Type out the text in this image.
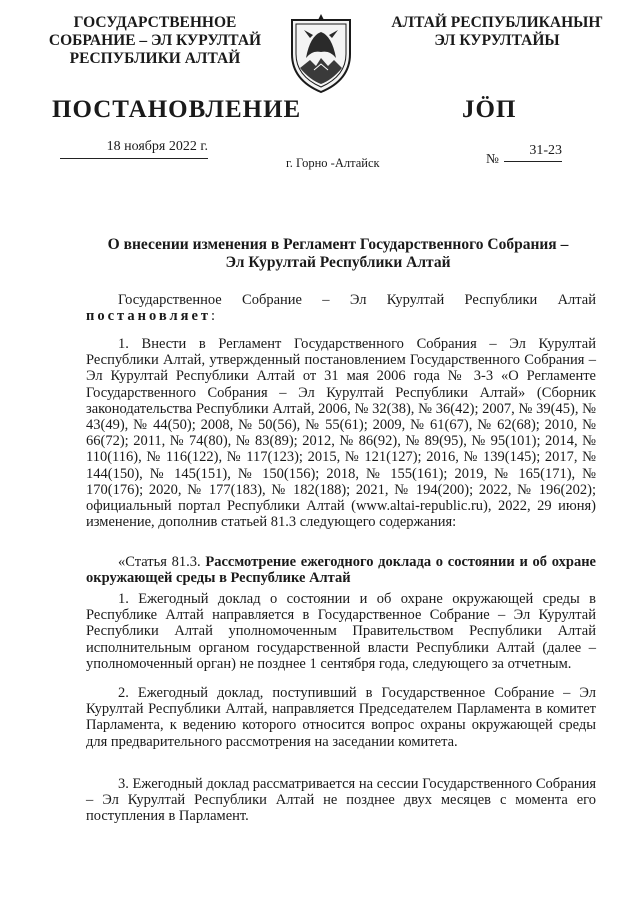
ГОСУДАРСТВЕННОЕ
СОБРАНИЕ – ЭЛ КУРУЛТАЙ
РЕСПУБЛИКИ АЛТАЙ
АЛТАЙ РЕСПУБЛИКАНЫҤ
ЭЛ КУРУЛТАЙЫ
ПОСТАНОВЛЕНИЕ	JӦП
18 ноября 2022 г.
г. Горно -Алтайск	№
31-23
О внесении изменения в Регламент Государственного Собрания –
Эл Курултай Республики Алтай

Государственное Собрание – Эл Курултай Республики Алтай постановляет:

1. Внести в Регламент Государственного Собрания – Эл Курултай Республики Алтай, утвержденный постановлением Государственного Собрания – Эл Курултай Республики Алтай от 31 мая 2006 года № 3-3 «О Регламенте Государственного Собрания – Эл Курултай Республики Алтай» (Сборник законодательства Республики Алтай, 2006, № 32(38), № 36(42); 2007, № 39(45), № 43(49), № 44(50); 2008, № 50(56), № 55(61); 2009, № 61(67), № 62(68); 2010, № 66(72); 2011, № 74(80), № 83(89); 2012, № 86(92), № 89(95), № 95(101); 2014, № 110(116), № 116(122), № 117(123); 2015, № 121(127); 2016, № 139(145); 2017, № 144(150), № 145(151), № 150(156); 2018, № 155(161); 2019, № 165(171), № 170(176); 2020, № 177(183), № 182(188); 2021, № 194(200); 2022, № 196(202); официальный портал Республики Алтай (www.altai-republic.ru), 2022, 29 июня) изменение, дополнив статьей 81.3 следующего содержания:

«Статья 81.3. Рассмотрение ежегодного доклада о состоянии и об охране окружающей среды в Республике Алтай

1. Ежегодный доклад о состоянии и об охране окружающей среды в Республике Алтай направляется в Государственное Собрание – Эл Курултай Республики Алтай уполномоченным Правительством Республики Алтай исполнительным органом государственной власти Республики Алтай (далее – уполномоченный орган) не позднее 1 сентября года, следующего за отчетным.

2. Ежегодный доклад, поступивший в Государственное Собрание – Эл Курултай Республики Алтай, направляется Председателем Парламента в комитет Парламента, к ведению которого относится вопрос охраны окружающей среды для предварительного рассмотрения на заседании комитета.

3. Ежегодный доклад рассматривается на сессии Государственного Собрания – Эл Курултай Республики Алтай не позднее двух месяцев с момента его поступления в Парламент.
